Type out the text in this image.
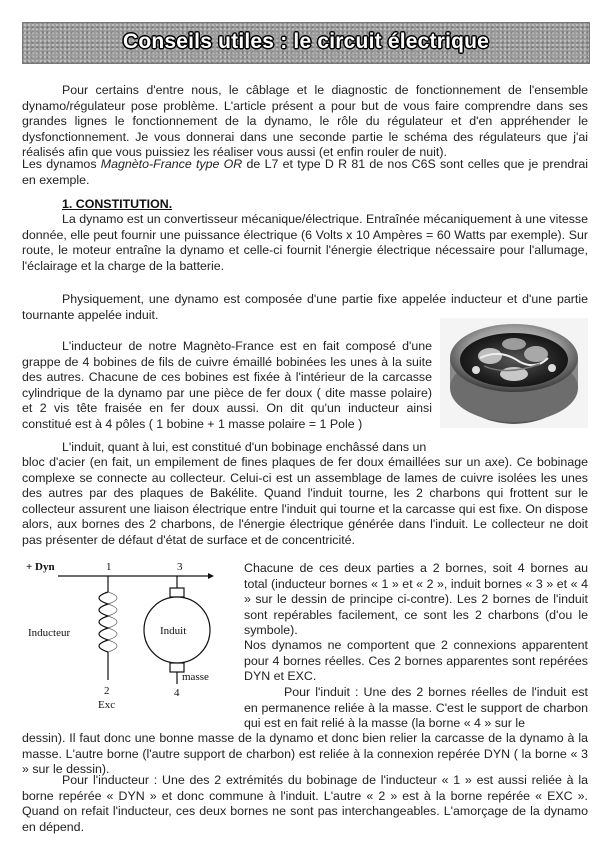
Conseils utiles : le circuit électrique

Pour certains d'entre nous, le câblage et le diagnostic de fonctionnement de l'ensemble dynamo/régulateur pose problème. L'article présent a pour but de vous faire comprendre dans ses grandes lignes le fonctionnement de la dynamo, le rôle du régulateur et d'en appréhender le dysfonctionnement. Je vous donnerai dans une seconde partie le schéma des régulateurs que j'ai réalisés afin que vous puissiez les réaliser vous aussi (et enfin rouler de nuit).

Les dynamos Magnèto-France type OR de L7 et type D R 81 de nos C6S sont celles que je prendrai en exemple.

1. CONSTITUTION.

La dynamo est un convertisseur mécanique/électrique. Entraînée mécaniquement à une vitesse donnée, elle peut fournir une puissance électrique (6 Volts x 10 Ampères = 60 Watts par exemple). Sur route, le moteur entraîne la dynamo et celle-ci fournit l'énergie électrique nécessaire pour l'allumage, l'éclairage et la charge de la batterie.

Physiquement, une dynamo est composée d'une partie fixe appelée inducteur et d'une partie tournante appelée induit.

L'inducteur de notre Magnèto-France est en fait composé d'une grappe de 4 bobines de fils de cuivre émaillé bobinées les unes à la suite des autres. Chacune de ces bobines est fixée à l'intérieur de la carcasse cylindrique de la dynamo par une pièce de fer doux ( dite masse polaire) et 2 vis tête fraisée en fer doux aussi. On dit qu'un inducteur ainsi constitué est à 4 pôles ( 1 bobine + 1 masse polaire = 1 Pole )

L'induit, quant à lui, est constitué d'un bobinage enchâssé dans un

bloc d'acier (en fait, un empilement de fines plaques de fer doux émaillées sur un axe). Ce bobinage complexe se connecte au collecteur. Celui-ci est un assemblage de lames de cuivre isolées les unes des autres par des plaques de Bakélite. Quand l'induit tourne, les 2 charbons qui frottent sur le collecteur assurent une liaison électrique entre l'induit qui tourne et la carcasse qui est fixe. On dispose alors, aux bornes des 2 charbons, de l'énergie électrique générée dans l'induit. Le collecteur ne doit pas présenter de défaut d'état de surface et de concentricité.

+ Dyn	1	3
Inducteur
2
Exc
Induit
masse
4

Chacune de ces deux parties a 2 bornes, soit 4 bornes au total (inducteur bornes « 1 » et « 2 », induit bornes « 3 » et « 4 » sur le dessin de principe ci-contre). Les 2 bornes de l'induit sont repérables facilement, ce sont les 2 charbons (d'ou le symbole).

Nos dynamos ne comportent que 2 connexions apparentent pour 4 bornes réelles. Ces 2 bornes apparentes sont repérées DYN et EXC.

Pour l'induit : Une des 2 bornes réelles de l'induit est en permanence reliée à la masse. C'est le support de charbon qui est en fait relié à la masse (la borne « 4 » sur le

dessin). Il faut donc une bonne masse de la dynamo et donc bien relier la carcasse de la dynamo à la masse. L'autre borne (l'autre support de charbon) est reliée à la connexion repérée DYN ( la borne « 3 » sur le dessin).

Pour l'inducteur : Une des 2 extrémités du bobinage de l'inducteur « 1 » est aussi reliée à la borne repérée « DYN » et donc commune à l'induit. L'autre « 2 » est à la borne repérée « EXC ». Quand on refait l'inducteur, ces deux bornes ne sont pas interchangeables. L'amorçage de la dynamo en dépend.
